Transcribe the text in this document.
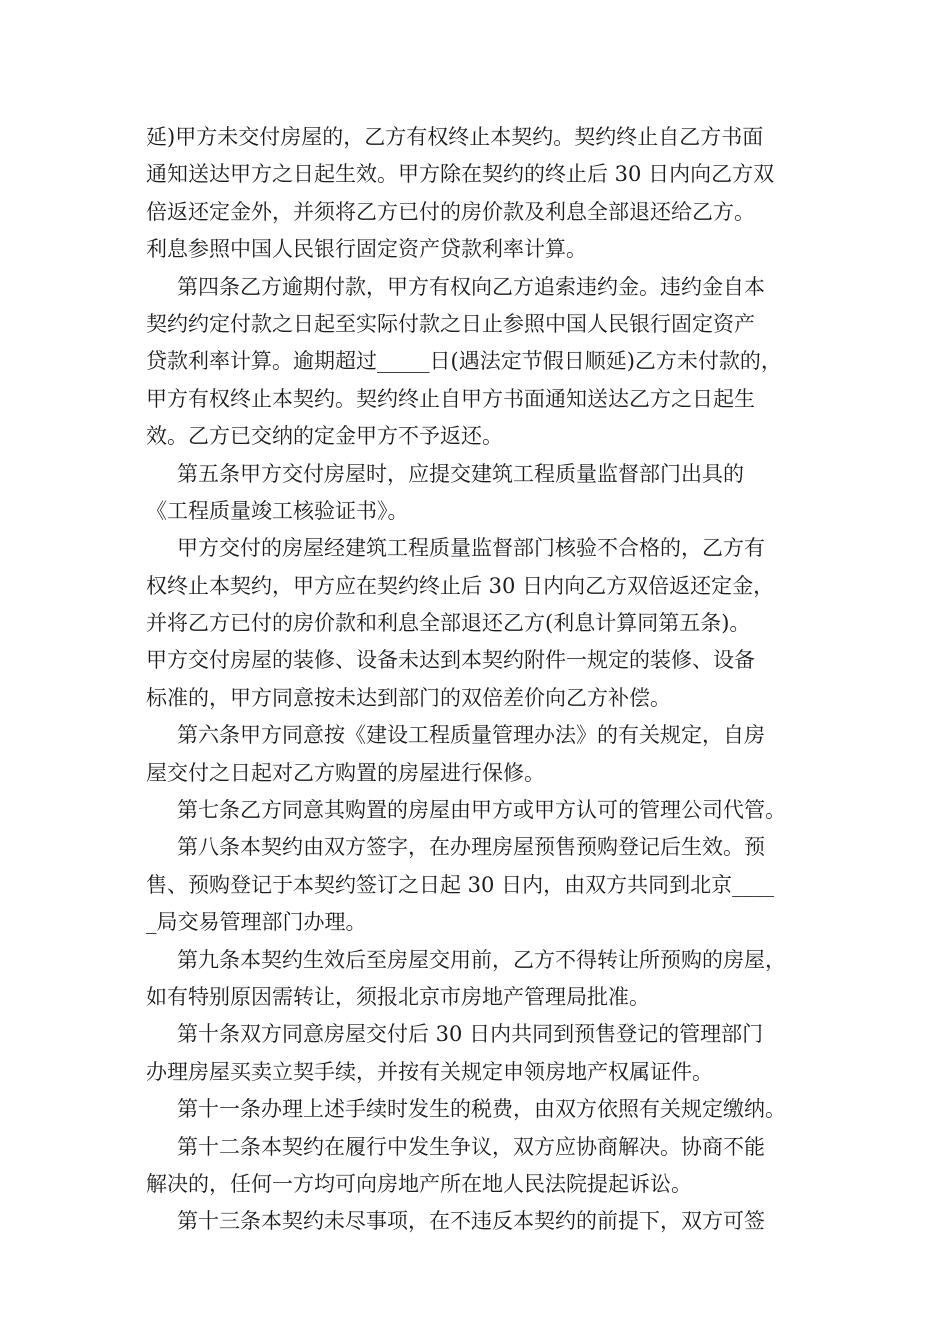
延)甲方未交付房屋的，乙方有权终止本契约。契约终止自乙方书面
通知送达甲方之日起生效。甲方除在契约的终止后 30 日内向乙方双
倍返还定金外，并须将乙方已付的房价款及利息全部退还给乙方。
利息参照中国人民银行固定资产贷款利率计算。
第四条乙方逾期付款，甲方有权向乙方追索违约金。违约金自本
契约约定付款之日起至实际付款之日止参照中国人民银行固定资产
贷款利率计算。逾期超过_____日(遇法定节假日顺延)乙方未付款的，
甲方有权终止本契约。契约终止自甲方书面通知送达乙方之日起生
效。乙方已交纳的定金甲方不予返还。
第五条甲方交付房屋时，应提交建筑工程质量监督部门出具的
《工程质量竣工核验证书》。
甲方交付的房屋经建筑工程质量监督部门核验不合格的，乙方有
权终止本契约，甲方应在契约终止后 30 日内向乙方双倍返还定金，
并将乙方已付的房价款和利息全部退还乙方(利息计算同第五条)。
甲方交付房屋的装修、设备未达到本契约附件一规定的装修、设备
标准的，甲方同意按未达到部门的双倍差价向乙方补偿。
第六条甲方同意按《建设工程质量管理办法》的有关规定，自房
屋交付之日起对乙方购置的房屋进行保修。
第七条乙方同意其购置的房屋由甲方或甲方认可的管理公司代管。
第八条本契约由双方签字，在办理房屋预售预购登记后生效。预
售、预购登记于本契约签订之日起 30 日内，由双方共同到北京____
_局交易管理部门办理。
第九条本契约生效后至房屋交用前，乙方不得转让所预购的房屋，
如有特别原因需转让，须报北京市房地产管理局批准。
第十条双方同意房屋交付后 30 日内共同到预售登记的管理部门
办理房屋买卖立契手续，并按有关规定申领房地产权属证件。
第十一条办理上述手续时发生的税费，由双方依照有关规定缴纳。
第十二条本契约在履行中发生争议，双方应协商解决。协商不能
解决的，任何一方均可向房地产所在地人民法院提起诉讼。
第十三条本契约未尽事项，在不违反本契约的前提下，双方可签
